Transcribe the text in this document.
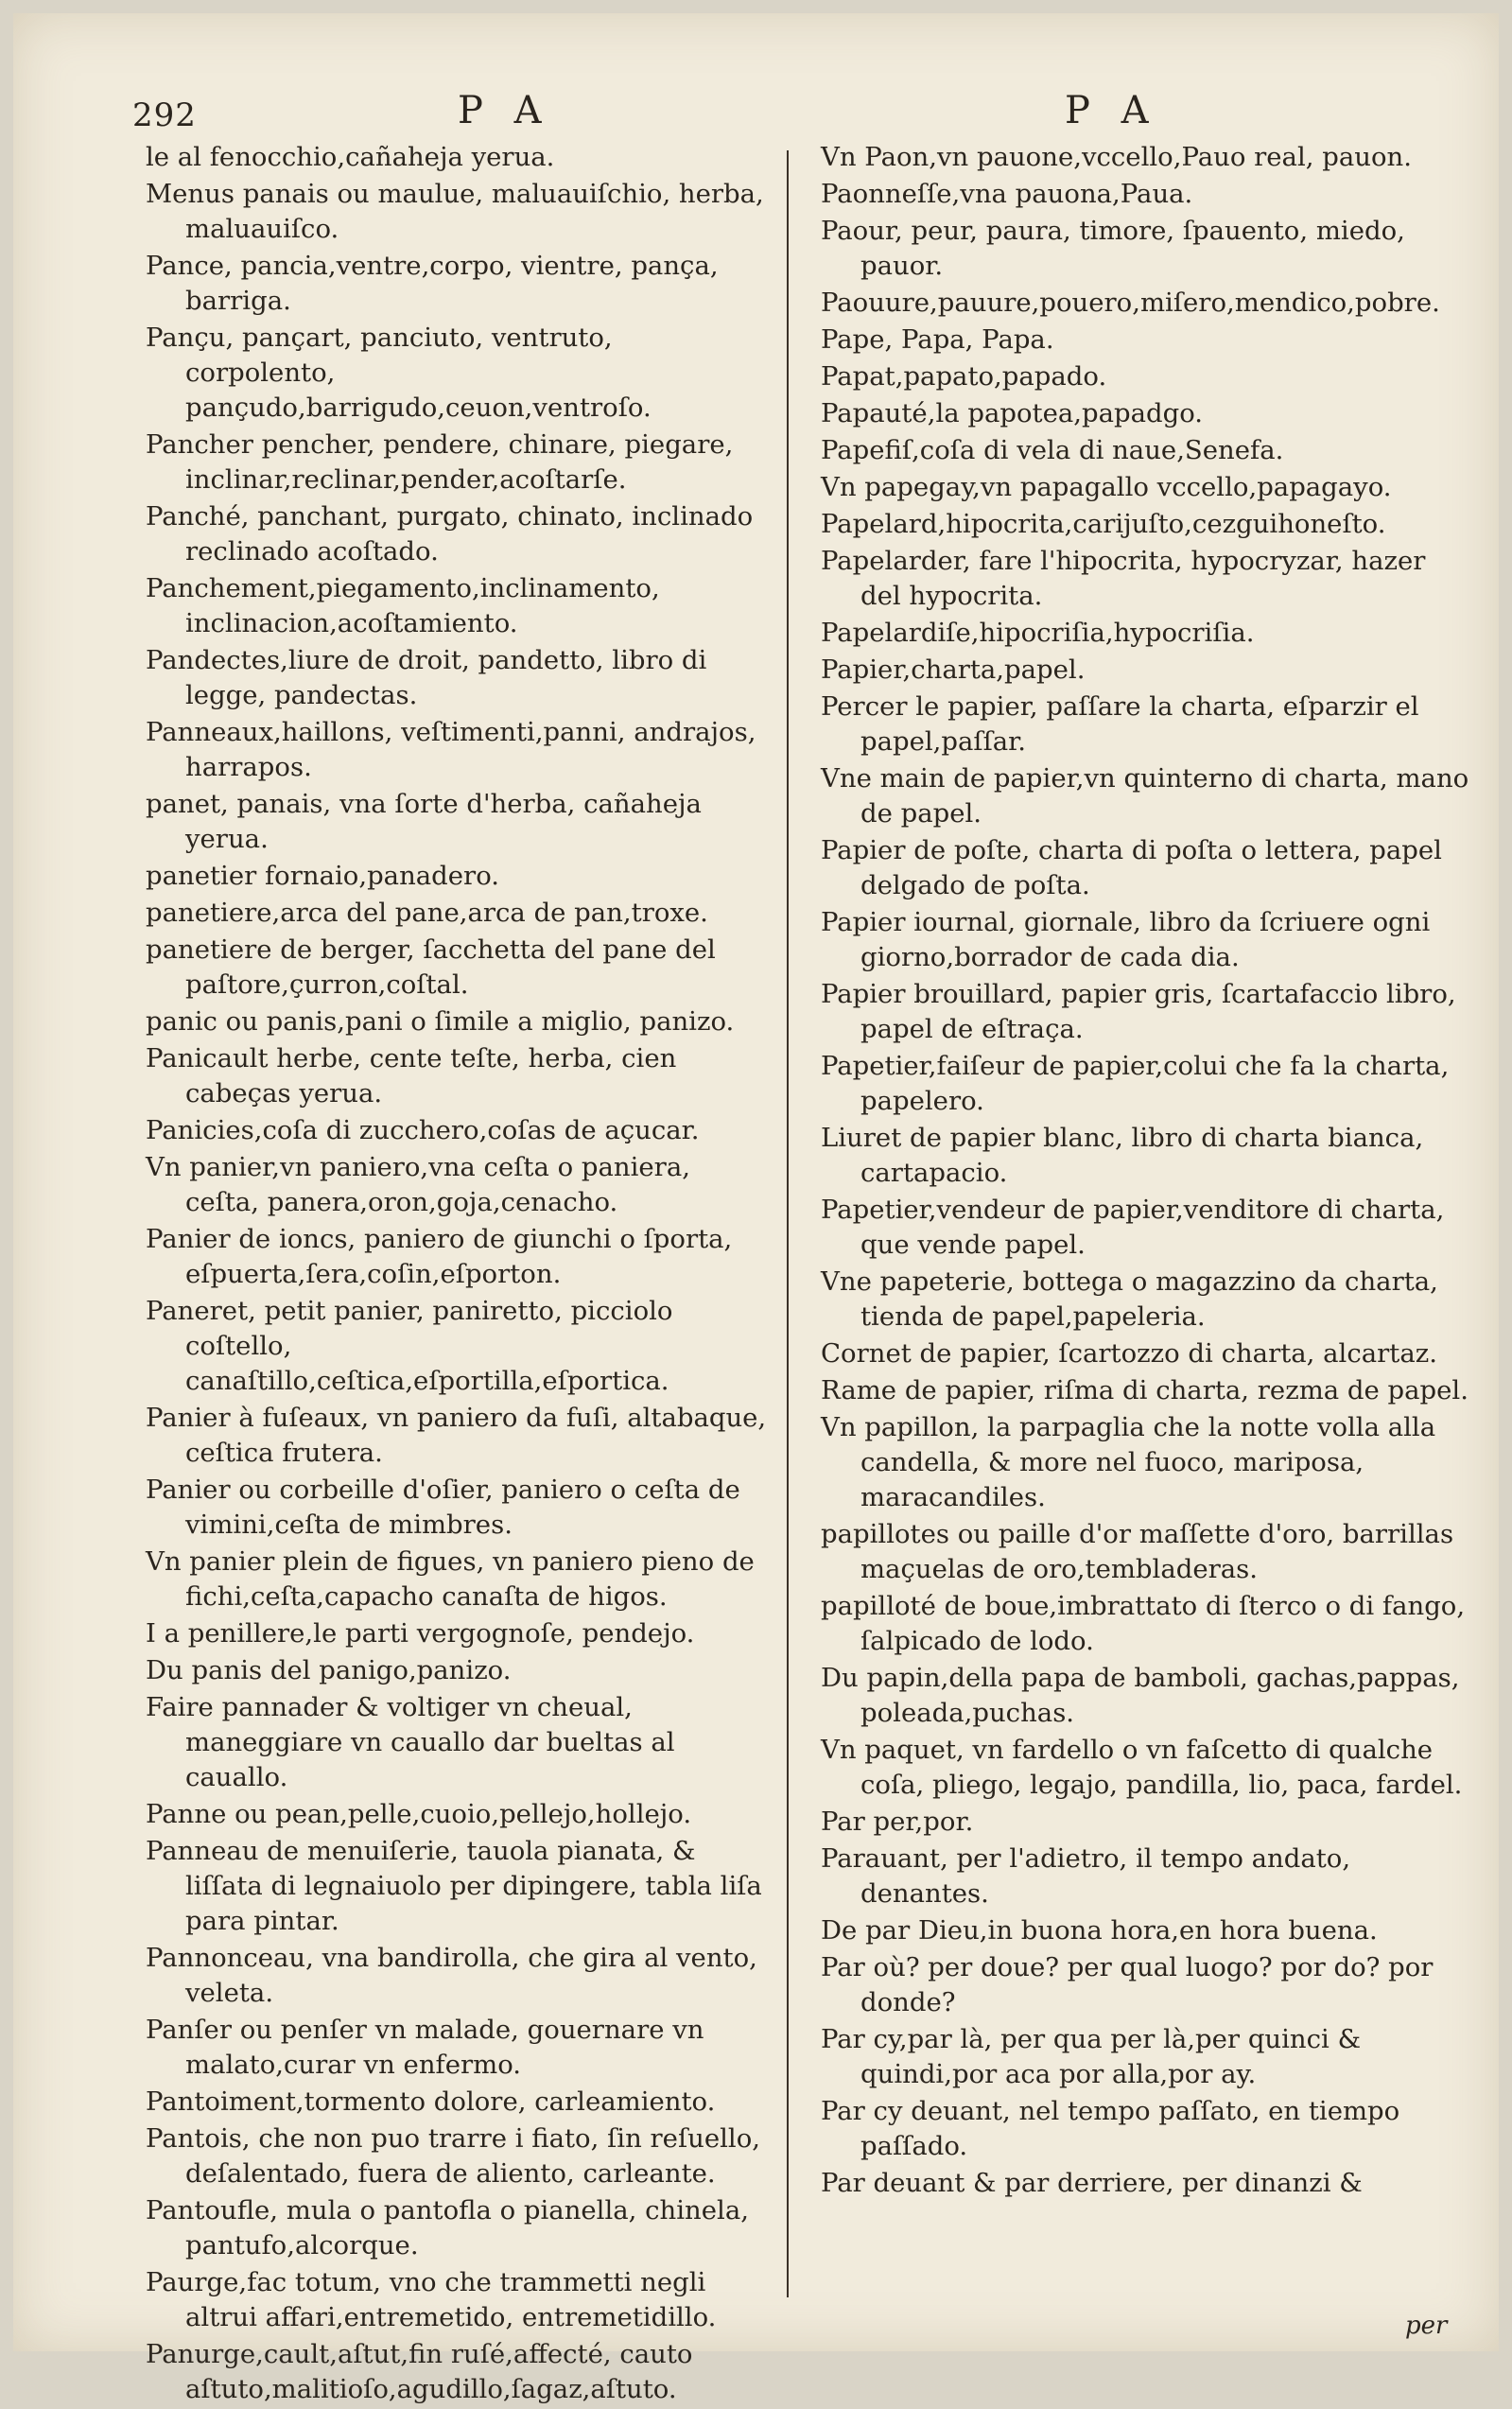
292	P A	P A
le al fenocchio,cañaheja yerua.
Menus panais ou maulue, maluauiſchio, herba, maluauiſco.
Pance, pancia,ventre,corpo, vientre, pança, barriga.
Pançu, pançart, panciuto, ventruto, corpolento, pançudo,barrigudo,ceuon,ventroſo.
Pancher pencher, pendere, chinare, piegare, inclinar,reclinar,pender,acoſtarſe.
Panché, panchant, purgato, chinato, inclinado reclinado acoſtado.
Panchement,piegamento,inclinamento, inclinacion,acoſtamiento.
Pandectes,liure de droit, pandetto, libro di legge, pandectas.
Panneaux,haillons, veſtimenti,panni, andrajos, harrapos.
panet, panais, vna ſorte d'herba, cañaheja yerua.
panetier fornaio,panadero.
panetiere,arca del pane,arca de pan,troxe.
panetiere de berger, ſacchetta del pane del paſtore,çurron,coſtal.
panic ou panis,pani o ſimile a miglio, panizo.
Panicault herbe, cente teſte, herba, cien cabeças yerua.
Panicies,coſa di zucchero,coſas de açucar.
Vn panier,vn paniero,vna ceſta o paniera, ceſta, panera,oron,goja,cenacho.
Panier de ioncs, paniero de giunchi o ſporta, eſpuerta,ſera,coſin,eſporton.
Paneret, petit panier, paniretto, picciolo coſtello, canaſtillo,ceſtica,eſportilla,eſportica.
Panier à fuſeaux, vn paniero da fuſi, altabaque, ceſtica frutera.
Panier ou corbeille d'oſier, paniero o ceſta de vimini,ceſta de mimbres.
Vn panier plein de figues, vn paniero pieno de fichi,ceſta,capacho canaſta de higos.
I a penillere,le parti vergognoſe, pendejo.
Du panis del panigo,panizo.
Faire pannader & voltiger vn cheual, maneggiare vn cauallo dar bueltas al cauallo.
Panne ou pean,pelle,cuoio,pellejo,hollejo.
Panneau de menuiſerie, tauola pianata, & liſſata di legnaiuolo per dipingere, tabla liſa para pintar.
Pannonceau, vna bandirolla, che gira al vento, veleta.
Panſer ou penſer vn malade, gouernare vn malato,curar vn enfermo.
Pantoiment,tormento dolore, carleamiento.
Pantois, che non puo trarre i fiato, ſin reſuello, deſalentado, fuera de aliento, carleante.
Pantoufle, mula o pantofla o pianella, chinela, pantufo,alcorque.
Paurge,fac totum, vno che trammetti negli altrui affari,entremetido, entremetidillo.
Panurge,cault,aſtut,fin ruſé,affecté, cauto aſtuto,malitioſo,agudillo,ſagaz,aſtuto.
Vn Paon,vn pauone,vccello,Pauo real, pauon.
Paonneſſe,vna pauona,Paua.
Paour, peur, paura, timore, ſpauento, miedo, pauor.
Paouure,pauure,pouero,miſero,mendico,pobre.
Pape, Papa, Papa.
Papat,papato,papado.
Papauté,la papotea,papadgo.
Papefiſ,coſa di vela di naue,Senefa.
Vn papegay,vn papagallo vccello,papagayo.
Papelard,hipocrita,carijuſto,cezguihoneſto.
Papelarder, fare l'hipocrita, hypocryzar, hazer del hypocrita.
Papelardiſe,hipocriſia,hypocriſia.
Papier,charta,papel.
Percer le papier, paſſare la charta, eſparzir el papel,paſſar.
Vne main de papier,vn quinterno di charta, mano de papel.
Papier de poſte, charta di poſta o lettera, papel delgado de poſta.
Papier iournal, giornale, libro da ſcriuere ogni giorno,borrador de cada dia.
Papier brouillard, papier gris, ſcartafaccio libro, papel de eſtraça.
Papetier,faiſeur de papier,colui che fa la charta, papelero.
Liuret de papier blanc, libro di charta bianca, cartapacio.
Papetier,vendeur de papier,venditore di charta, que vende papel.
Vne papeterie, bottega o magazzino da charta, tienda de papel,papeleria.
Cornet de papier, ſcartozzo di charta, alcartaz.
Rame de papier, riſma di charta, rezma de papel.
Vn papillon, la parpaglia che la notte volla alla candella, & more nel fuoco, mariposa, maracandiles.
papillotes ou paille d'or maſſette d'oro, barrillas maçuelas de oro,tembladeras.
papilloté de boue,imbrattato di ſterco o di fango, ſalpicado de lodo.
Du papin,della papa de bamboli, gachas,pappas, poleada,puchas.
Vn paquet, vn fardello o vn faſcetto di qualche coſa, pliego, legajo, pandilla, lio, paca, fardel.
Par per,por.
Parauant, per l'adietro, il tempo andato, denantes.
De par Dieu,in buona hora,en hora buena.
Par où? per doue? per qual luogo? por do? por donde?
Par cy,par là, per qua per là,per quinci & quindi,por aca por alla,por ay.
Par cy deuant, nel tempo paſſato, en tiempo paſſado.
Par deuant & par derriere, per dinanzi &
per
